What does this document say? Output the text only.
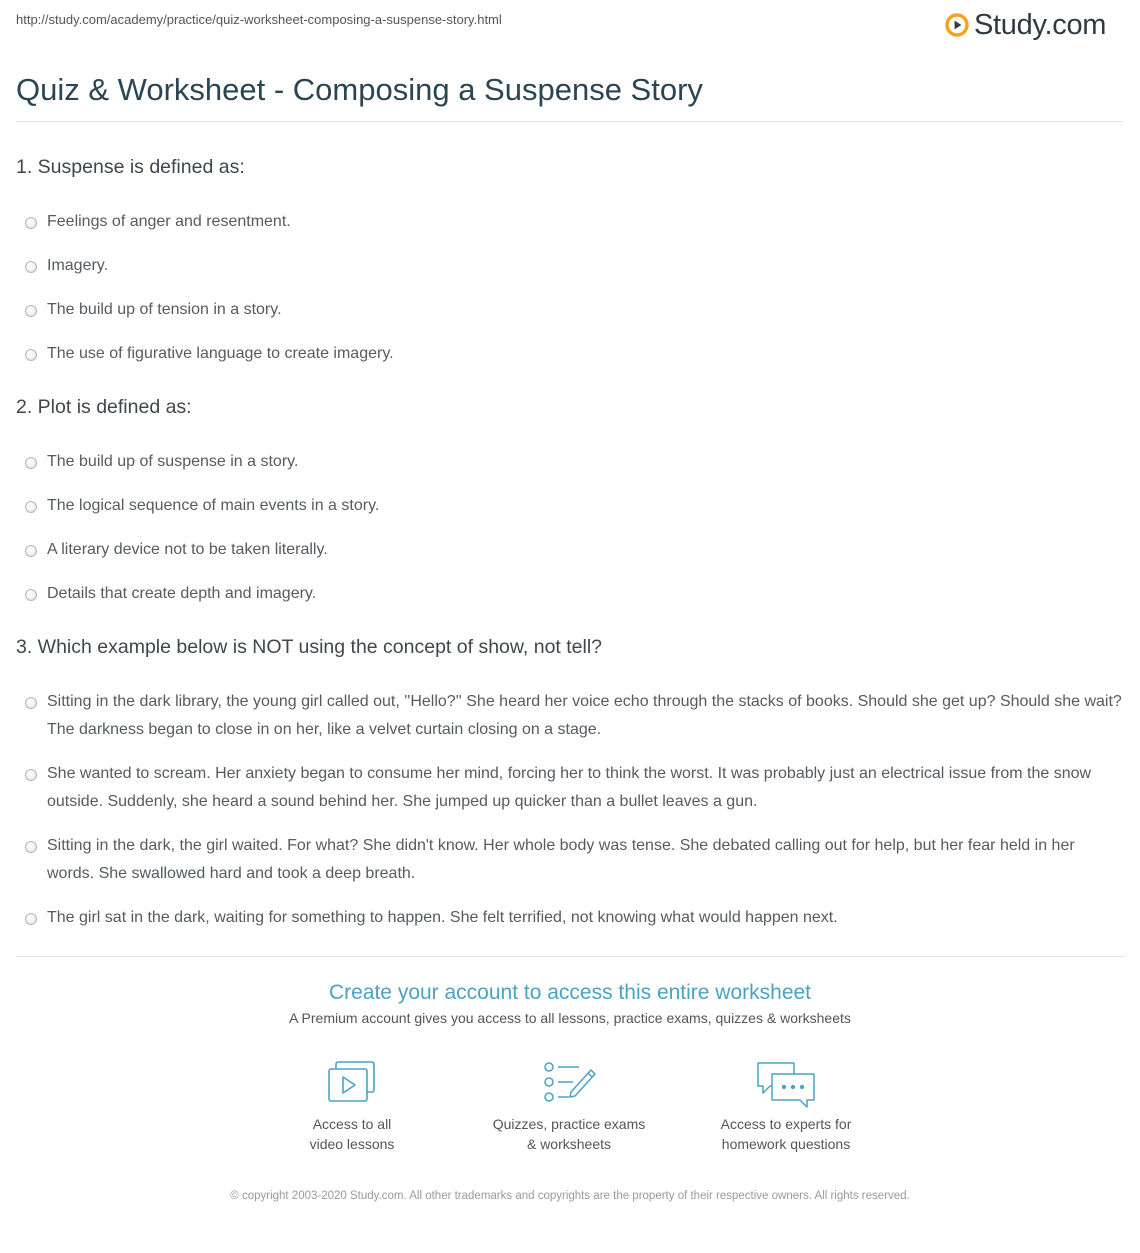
http://study.com/academy/practice/quiz-worksheet-composing-a-suspense-story.html	Study.com
Quiz & Worksheet - Composing a Suspense Story
1. Suspense is defined as:
Feelings of anger and resentment.
Imagery.
The build up of tension in a story.
The use of figurative language to create imagery.
2. Plot is defined as:
The build up of suspense in a story.
The logical sequence of main events in a story.
A literary device not to be taken literally.
Details that create depth and imagery.
3. Which example below is NOT using the concept of show, not tell?
Sitting in the dark library, the young girl called out, ''Hello?'' She heard her voice echo through the stacks of books. Should she get up? Should she wait? The darkness began to close in on her, like a velvet curtain closing on a stage.
She wanted to scream. Her anxiety began to consume her mind, forcing her to think the worst. It was probably just an electrical issue from the snow outside. Suddenly, she heard a sound behind her. She jumped up quicker than a bullet leaves a gun.
Sitting in the dark, the girl waited. For what? She didn't know. Her whole body was tense. She debated calling out for help, but her fear held in her words. She swallowed hard and took a deep breath.
The girl sat in the dark, waiting for something to happen. She felt terrified, not knowing what would happen next.
Create your account to access this entire worksheet
A Premium account gives you access to all lessons, practice exams, quizzes & worksheets
Access to all
video lessons
Quizzes, practice exams
& worksheets
Access to experts for
homework questions
© copyright 2003-2020 Study.com. All other trademarks and copyrights are the property of their respective owners. All rights reserved.
